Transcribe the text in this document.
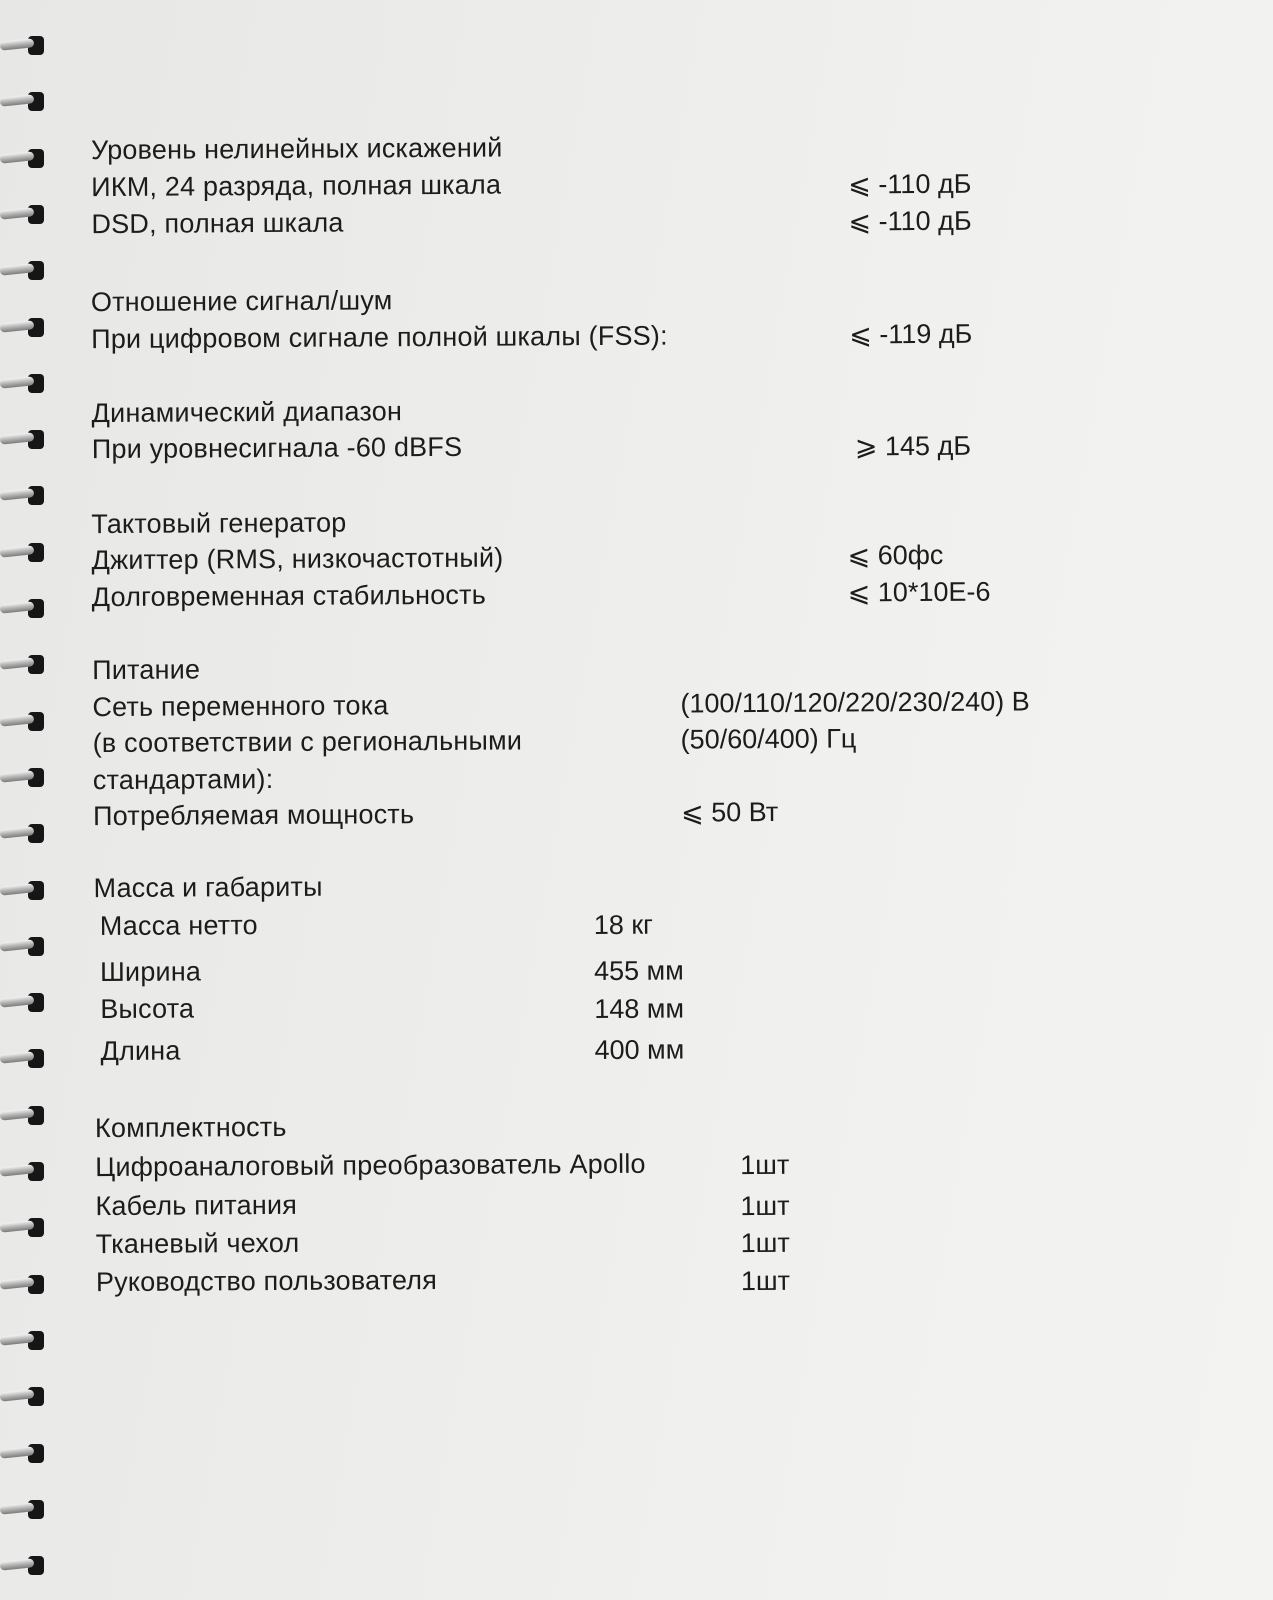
Уровень нелинейных искажений
ИКМ, 24 разряда, полная шкала	⩽ -110 дБ
DSD, полная шкала	⩽ -110 дБ
Отношение сигнал/шум
При цифровом сигнале полной шкалы (FSS):	⩽ -119 дБ
Динамический диапазон
При уровнесигнала -60 dBFS	⩾ 145 дБ
Тактовый генератор
Джиттер (RMS, низкочастотный)	⩽ 60фс
Долговременная стабильность	⩽ 10*10Е-6
Питание
Сеть переменного тока	(100/110/120/220/230/240) В
(в соответствии с региональными	(50/60/400) Гц
стандартами):
Потребляемая мощность	⩽ 50 Вт
Масса и габариты
Масса нетто	18 кг
Ширина	455 мм
Высота	148 мм
Длина	400 мм
Комплектность
Цифроаналоговый преобразователь Apollo	1шт
Кабель питания	1шт
Тканевый чехол	1шт
Руководство пользователя	1шт
